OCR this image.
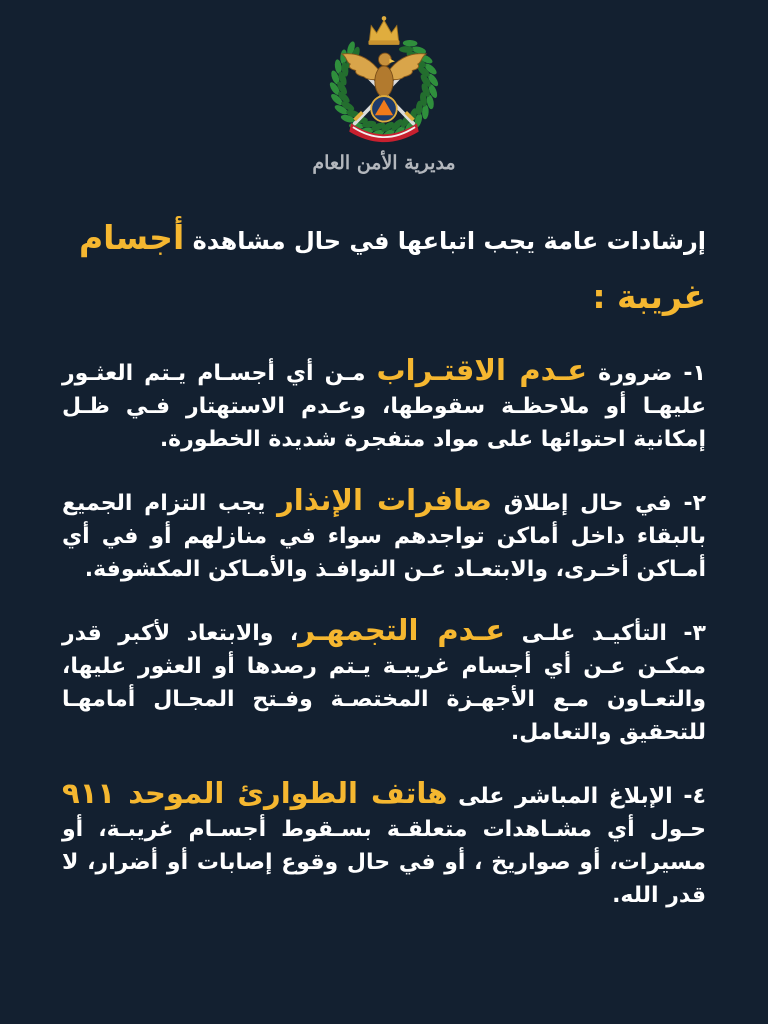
مديرية الأمن العام

إرشادات عامة يجب اتباعها في حال مشاهدة أجسام

غريبة :

١- ضرورة عـدم الاقتـراب مـن أي أجسـام يـتم العثـور عليهـا أو ملاحظـة سقوطها، وعـدم الاستهتار فـي ظـل إمكانية احتوائها على مواد متفجرة شديدة الخطورة.

٢- في حال إطلاق صافرات الإنذار يجب التزام الجميع بالبقاء داخل أماكن تواجدهم سواء في منازلهم أو في أي أمـاكن أخـرى، والابتعـاد عـن النوافـذ والأمـاكن المكشوفة.

٣- التأكيـد علـى عـدم التجمهـر، والابتعاد لأكبر قدر ممكـن عـن أي أجسام غريبـة يـتم رصدها أو العثور عليها، والتعـاون مـع الأجهـزة المختصـة وفـتح المجـال أمامهـا للتحقيق والتعامل.

٤- الإبلاغ المباشر على هاتف الطوارئ الموحد ٩١١ حـول أي مشـاهدات متعلقـة بسـقوط أجسـام غريبـة، أو مسيرات، أو صواريخ ، أو في حال وقوع إصابات أو أضرار، لا قدر الله.
